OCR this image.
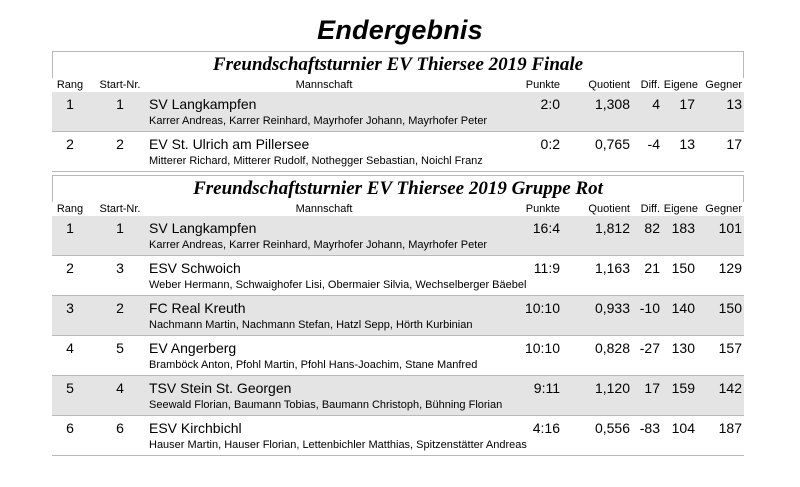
Endergebnis
Freundschaftsturnier EV Thiersee 2019 Finale
Rang	Start-Nr.	Mannschaft	Punkte	Quotient Diff. Eigene Gegner
1	1	SV Langkampfen	2:0	1,308	4	17	13
Karrer Andreas, Karrer Reinhard, Mayrhofer Johann, Mayrhofer Peter
2	2	EV St. Ulrich am Pillersee	0:2	0,765	-4	13	17
Mitterer Richard, Mitterer Rudolf, Nothegger Sebastian, Noichl Franz
Freundschaftsturnier EV Thiersee 2019 Gruppe Rot
Rang	Start-Nr.	Mannschaft	Punkte	Quotient Diff. Eigene Gegner
1	1	SV Langkampfen	16:4	1,812	82 183	101
Karrer Andreas, Karrer Reinhard, Mayrhofer Johann, Mayrhofer Peter
2	3	ESV Schwoich	11:9	1,163	21 150	129
Weber Hermann, Schwaighofer Lisi, Obermaier Silvia, Wechselberger Bäebel
3	2	FC Real Kreuth	10:10	0,933 -10 140	150
Nachmann Martin, Nachmann Stefan, Hatzl Sepp, Hörth Kurbinian
4	5	EV Angerberg	10:10	0,828 -27 130	157
Bramböck Anton, Pfohl Martin, Pfohl Hans-Joachim, Stane Manfred
5	4	TSV Stein St. Georgen	9:11	1,120	17 159	142
Seewald Florian, Baumann Tobias, Baumann Christoph, Bühning Florian
6	6	ESV Kirchbichl	4:16	0,556 -83 104	187
Hauser Martin, Hauser Florian, Lettenbichler Matthias, Spitzenstätter Andreas
